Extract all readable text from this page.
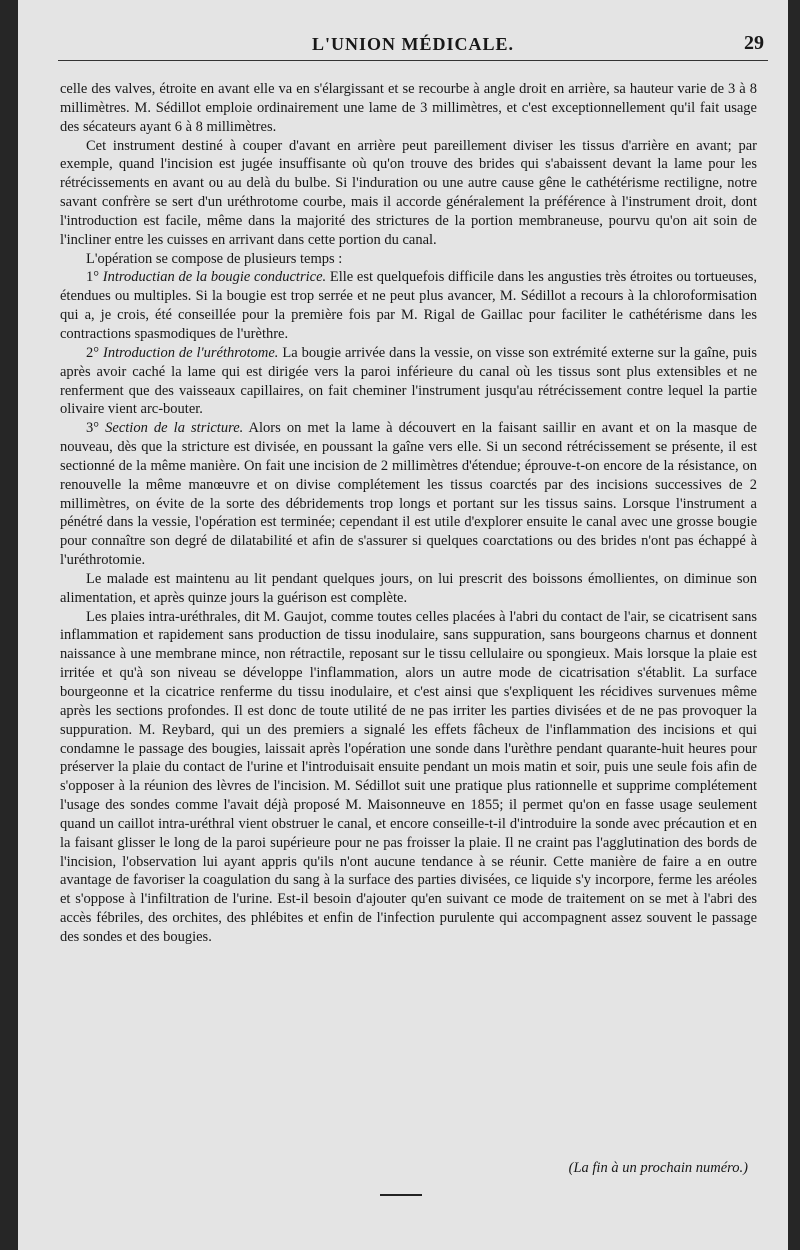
L'UNION MÉDICALE.	29

celle des valves, étroite en avant elle va en s'élargissant et se recourbe à angle droit en arrière, sa hauteur varie de 3 à 8 millimètres. M. Sédillot emploie ordinairement une lame de 3 millimètres, et c'est exceptionnellement qu'il fait usage des sécateurs ayant 6 à 8 millimètres.

Cet instrument destiné à couper d'avant en arrière peut pareillement diviser les tissus d'arrière en avant; par exemple, quand l'incision est jugée insuffisante où qu'on trouve des brides qui s'abaissent devant la lame pour les rétrécissements en avant ou au delà du bulbe. Si l'induration ou une autre cause gêne le cathétérisme rectiligne, notre savant confrère se sert d'un uréthrotome courbe, mais il accorde généralement la préférence à l'instrument droit, dont l'introduction est facile, même dans la majorité des strictures de la portion membraneuse, pourvu qu'on ait soin de l'incliner entre les cuisses en arrivant dans cette portion du canal.

L'opération se compose de plusieurs temps :

1° Introductian de la bougie conductrice. Elle est quelquefois difficile dans les angusties très étroites ou tortueuses, étendues ou multiples. Si la bougie est trop serrée et ne peut plus avancer, M. Sédillot a recours à la chloroformisation qui a, je crois, été conseillée pour la première fois par M. Rigal de Gaillac pour faciliter le cathétérisme dans les contractions spasmodiques de l'urèthre.

2° Introduction de l'uréthrotome. La bougie arrivée dans la vessie, on visse son extrémité externe sur la gaîne, puis après avoir caché la lame qui est dirigée vers la paroi inférieure du canal où les tissus sont plus extensibles et ne renferment que des vaisseaux capillaires, on fait cheminer l'instrument jusqu'au rétrécissement contre lequel la partie olivaire vient arc-bouter.

3° Section de la stricture. Alors on met la lame à découvert en la faisant saillir en avant et on la masque de nouveau, dès que la stricture est divisée, en poussant la gaîne vers elle. Si un second rétrécissement se présente, il est sectionné de la même manière. On fait une incision de 2 millimètres d'étendue; éprouve-t-on encore de la résistance, on renouvelle la même manœuvre et on divise complétement les tissus coarctés par des incisions successives de 2 millimètres, on évite de la sorte des débridements trop longs et portant sur les tissus sains. Lorsque l'instrument a pénétré dans la vessie, l'opération est terminée; cependant il est utile d'explorer ensuite le canal avec une grosse bougie pour connaître son degré de dilatabilité et afin de s'assurer si quelques coarctations ou des brides n'ont pas échappé à l'uréthrotomie.

Le malade est maintenu au lit pendant quelques jours, on lui prescrit des boissons émollientes, on diminue son alimentation, et après quinze jours la guérison est complète.

Les plaies intra-uréthrales, dit M. Gaujot, comme toutes celles placées à l'abri du contact de l'air, se cicatrisent sans inflammation et rapidement sans production de tissu inodulaire, sans suppuration, sans bourgeons charnus et donnent naissance à une membrane mince, non rétractile, reposant sur le tissu cellulaire ou spongieux. Mais lorsque la plaie est irritée et qu'à son niveau se développe l'inflammation, alors un autre mode de cicatrisation s'établit. La surface bourgeonne et la cicatrice renferme du tissu inodulaire, et c'est ainsi que s'expliquent les récidives survenues même après les sections profondes. Il est donc de toute utilité de ne pas irriter les parties divisées et de ne pas provoquer la suppuration. M. Reybard, qui un des premiers a signalé les effets fâcheux de l'inflammation des incisions et qui condamne le passage des bougies, laissait après l'opération une sonde dans l'urèthre pendant quarante-huit heures pour préserver la plaie du contact de l'urine et l'introduisait ensuite pendant un mois matin et soir, puis une seule fois afin de s'opposer à la réunion des lèvres de l'incision. M. Sédillot suit une pratique plus rationnelle et supprime complétement l'usage des sondes comme l'avait déjà proposé M. Maisonneuve en 1855; il permet qu'on en fasse usage seulement quand un caillot intra-uréthral vient obstruer le canal, et encore conseille-t-il d'introduire la sonde avec précaution et en la faisant glisser le long de la paroi supérieure pour ne pas froisser la plaie. Il ne craint pas l'agglutination des bords de l'incision, l'observation lui ayant appris qu'ils n'ont aucune tendance à se réunir. Cette manière de faire a en outre avantage de favoriser la coagulation du sang à la surface des parties divisées, ce liquide s'y incorpore, ferme les aréoles et s'oppose à l'infiltration de l'urine. Est-il besoin d'ajouter qu'en suivant ce mode de traitement on se met à l'abri des accès fébriles, des orchites, des phlébites et enfin de l'infection purulente qui accompagnent assez souvent le passage des sondes et des bougies.

(La fin à un prochain numéro.)
